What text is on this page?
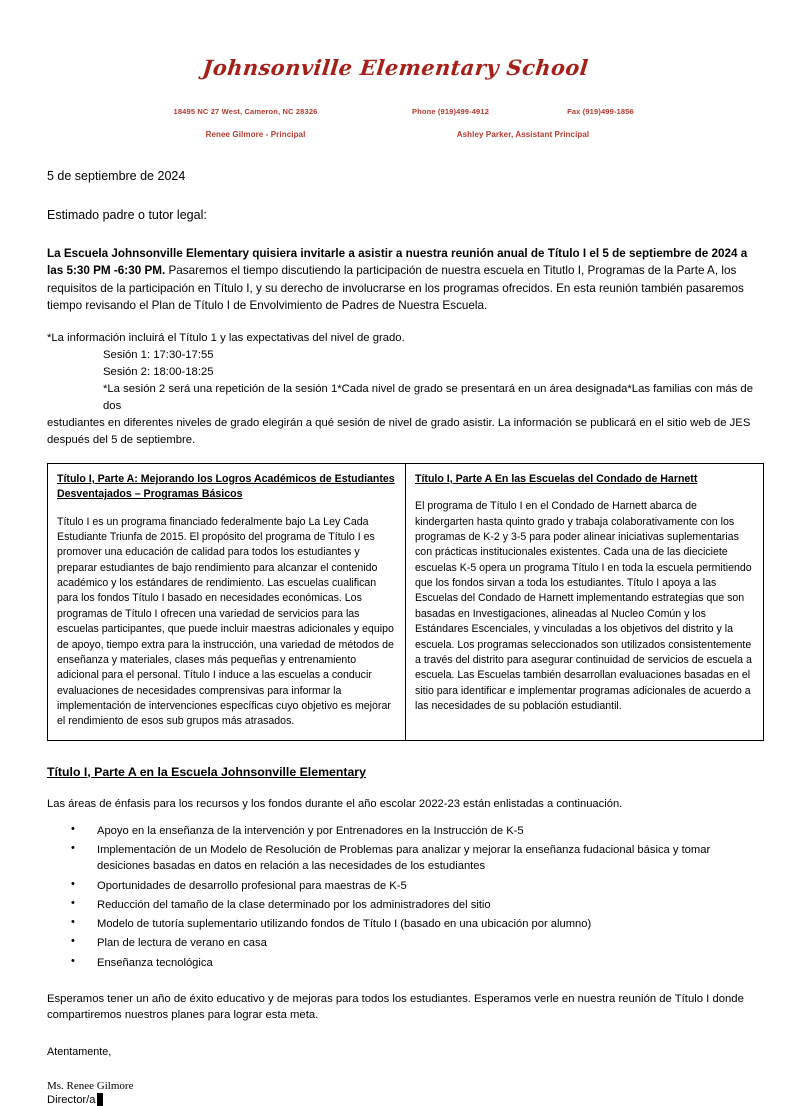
Johnsonville Elementary School
18495 NC 27 West, Cameron, NC 28326	Phone (919)499-4912	Fax (919)499-1856
Renee Gilmore - Principal	Ashley Parker, Assistant Principal
5 de septiembre de 2024
Estimado padre o tutor legal:

La Escuela Johnsonville Elementary quisiera invitarle a asistir a nuestra reunión anual de Título I el 5 de septiembre de 2024 a las 5:30 PM -6:30 PM. Pasaremos el tiempo discutiendo la participación de nuestra escuela en Titutlo I, Programas de la Parte A, los requisitos de la participación en Título I, y su derecho de involucrarse en los programas ofrecidos. En esta reunión también pasaremos tiempo revisando el Plan de Título I de Envolvimiento de Padres de Nuestra Escuela.

*La información incluirá el Título 1 y las expectativas del nivel de grado.
Sesión 1: 17:30-17:55
Sesión 2: 18:00-18:25
*La sesión 2 será una repetición de la sesión 1*Cada nivel de grado se presentará en un área designada*Las familias con más de dos
estudiantes en diferentes niveles de grado elegirán a qué sesión de nivel de grado asistir. La información se publicará en el sitio web de JES después del 5 de septiembre.
Título I, Parte A: Mejorando los Logros Académicos de Estudiantes Desventajados – Programas Básicos
Título I es un programa financiado federalmente bajo La Ley Cada Estudiante Triunfa de 2015. El propósito del programa de Título I es promover una educación de calidad para todos los estudiantes y preparar estudiantes de bajo rendimiento para alcanzar el contenido académico y los estándares de rendimiento. Las escuelas cualifican para los fondos Título I basado en necesidades económicas. Los programas de Título I ofrecen una variedad de servicios para las escuelas participantes, que puede incluir maestras adicionales y equipo de apoyo, tiempo extra para la instrucción, una variedad de métodos de enseñanza y materiales, clases más pequeñas y entrenamiento adicional para el personal. Título I induce a las escuelas a conducir evaluaciones de necesidades comprensivas para informar la implementación de intervenciones específicas cuyo objetivo es mejorar el rendimiento de esos sub grupos más atrasados.

Título I, Parte A En las Escuelas del Condado de Harnett
El programa de Título I en el Condado de Harnett abarca de kindergarten hasta quinto grado y trabaja colaborativamente con los programas de K-2 y 3-5 para poder alinear iniciativas suplementarias con prácticas institucionales existentes. Cada una de las dieciciete escuelas K-5 opera un programa Título I en toda la escuela permitiendo que los fondos sirvan a toda los estudiantes. Título I apoya a las Escuelas del Condado de Harnett implementando estrategias que son basadas en Investigaciones, alineadas al Nucleo Común y los Estándares Escenciales, y vinculadas a los objetivos del distrito y la escuela. Los programas seleccionados son utilizados consistentemente a través del distrito para asegurar continuidad de servicios de escuela a escuela. Las Escuelas también desarrollan evaluaciones basadas en el sitio para identificar e implementar programas adicionales de acuerdo a las necesidades de su población estudiantil.
Título I, Parte A en la Escuela Johnsonville Elementary
Las áreas de énfasis para los recursos y los fondos durante el año escolar 2022-23 están enlistadas a continuación.
• Apoyo en la enseñanza de la intervención y por Entrenadores en la Instrucción de K-5
• Implementación de un Modelo de Resolución de Problemas para analizar y mejorar la enseñanza fudacional básica y tomar desiciones basadas en datos en relación a las necesidades de los estudiantes
• Oportunidades de desarrollo profesional para maestras de K-5
• Reducción del tamaño de la clase determinado por los administradores del sitio
• Modelo de tutoría suplementario utilizando fondos de Título I (basado en una ubicación por alumno)
• Plan de lectura de verano en casa
• Enseñanza tecnológica

Esperamos tener un año de éxito educativo y de mejoras para todos los estudiantes. Esperamos verle en nuestra reunión de Título I donde compartiremos nuestros planes para lograr esta meta.

Atentamente,
Ms. Renee Gilmore
Director/a
